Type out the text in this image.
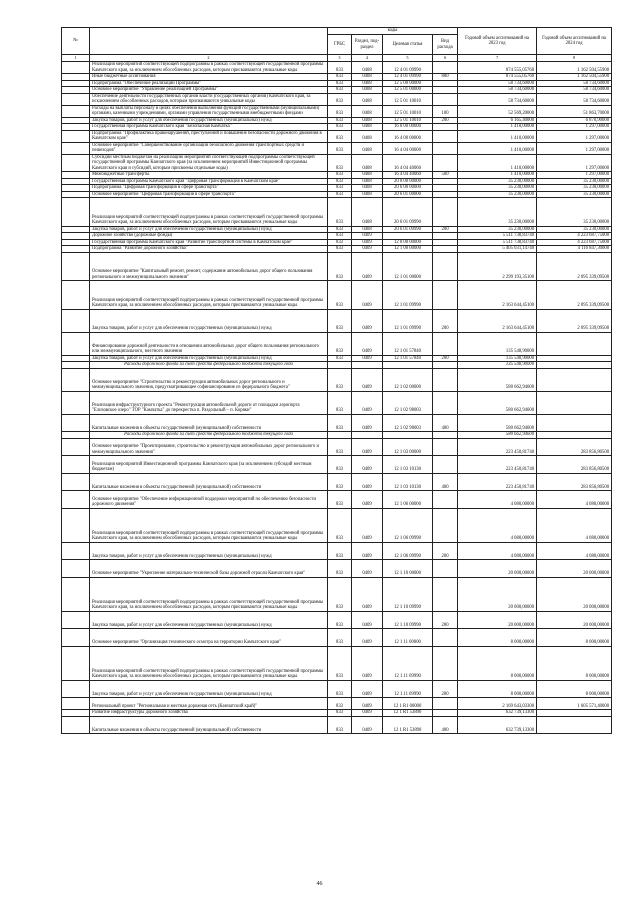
№		коды				Годовой объем ассигнований на 2023 год	Годовой объем ассигнований на 2024 год
		ГРБС	Раздел, под-раздел	Целевая статья	Вид расхода		
1	2	3	4	5	6	7	8
	Реализация мероприятий соответствующей подпрограммы в рамках соответствующей государственной программы Камчатского края, за исключением обособленных расходов, которым присваиваются уникальные коды	833	0408	12 4 01 09990		874 555,05760	1 162 504,55900
	Иные бюджетные ассигнования	833	0408	12 4 01 09990	800	874 555,05760	1 162 504,55900
	Подпрограмма "Обеспечение реализации Программы"	833	0408	12 5 00 00000		58 734,60000	58 734,60000
	Основное мероприятие "Управление реализацией Программы"	833	0408	12 5 01 00000		58 734,60000	58 734,60000
	Обеспечение деятельности государственных органов власти (государственных органов) Камчатского края, за исключением обособленных расходов, которым присваиваются уникальные коды	833	0408	12 5 01 10010		58 734,60000	58 734,60000
	Расходы на выплаты персоналу в целях обеспечения выполнения функций государственными (муниципальными) органами, казенными учреждениями, органами управления государственными внебюджетными фондами	833	0408	12 5 01 10010	100	52 569,20000	51 863,70000
	Закупка товаров, работ и услуг для обеспечения государственных (муниципальных) нужд	833	0408	12 5 01 10010	200	6 165,40000	6 870,90000
	Государственная программа Камчатского края "Безопасная Камчатка"	833	0408	16 0 00 00000		1 410,00000	1 297,00000
	Подпрограмма "Профилактика правонарушений, преступлений и повышение безопасности дорожного движения в Камчатском крае"	833	0408	16 4 00 00000		1 410,00000	1 297,00000
	Основное мероприятие "Совершенствование организации безопасного движения транспортных средств и пешеходов"	833	0408	16 4 04 00000		1 410,00000	1 297,00000
	Субсидии местным бюджетам на реализацию мероприятий соответствующей подпрограммы соответствующей государственной программы Камчатского края (за исключением мероприятий Инвестиционной программы Камчатского края и субсидий, которым присвоены отдельные коды)	833	0408	16 4 04 40060		1 410,00000	1 297,00000
	Межбюджетные трансферты	833	0408	16 4 04 40060	500	1 410,00000	1 297,00000
	Государственная программа Камчатского края "Цифровая трансформация в Камчатском крае"	833	0408	20 0 00 00000		35 230,00000	35 230,00000
	Подпрограмма "Цифровая трансформация в сфере транспорта"	833	0408	20 6 00 00000		35 230,00000	35 230,00000
	Основное мероприятие "Цифровая трансформация в сфере транспорта"	833	0408	20 6 01 00000		35 230,00000	35 230,00000
	Реализация мероприятий соответствующей подпрограммы в рамках соответствующей государственной программы Камчатского края, за исключением обособленных расходов, которым присваиваются уникальные коды	833	0408	20 6 01 09990		35 230,00000	35 230,00000
	Закупка товаров, работ и услуг для обеспечения государственных (муниципальных) нужд	833	0408	20 6 01 09990	200	35 230,00000	35 230,00000
	Дорожное хозяйство (дорожные фонды)	833	0409			5 511 738,83740	4 223 687,75000
	Государственная программа Камчатского края "Развитие транспортной системы в Камчатском крае"	833	0409	12 0 00 00000		5 511 738,83740	4 223 687,75000
	Подпрограмма "Развитие дорожного хозяйства"	833	0409	12 1 00 00000		5 405 031,14740	4 116 847,30000
	Основное мероприятие "Капитальный ремонт, ремонт, содержание автомобильных дорог общего пользования регионального и межмуниципального значения"	833	0409	12 1 01 00000		2 299 193,35100	2 095 339,09500
	Реализация мероприятий соответствующей подпрограммы в рамках соответствующей государственной программы Камчатского края, за исключением обособленных расходов, которым присваиваются уникальные коды	833	0409	12 1 01 09990		2 163 644,45100	2 095 339,09500
	Закупка товаров, работ и услуг для обеспечения государственных (муниципальных) нужд	833	0409	12 1 01 09990	200	2 163 644,45100	2 095 339,09500
	Финансирование дорожной деятельности в отношении автомобильных дорог общего пользования регионального или межмуниципального, местного значения	833	0409	12 1 01 57840		135 548,90000	
	Закупка товаров, работ и услуг для обеспечения государственных (муниципальных) нужд	833	0409	12 1 01 57840	200	135 548,90000	
	Расходы дорожного фонда за счет средств федерального бюджета текущего года					135 548,90000	
	Основное мероприятие "Строительство и реконструкция автомобильных дорог регионального и межмуниципального значения, предусматривающее софинансирование из федерального бюджета"	833	0409	12 1 02 00000		580 662,94600	
	Реализация инфраструктурного проекта "Реконструкция автомобильной дороги от площадки аэропорта "Елизовское озеро" ТОР "Камчатка" до перекрестка п. Раздольный – п. Коряки"	833	0409	12 1 02 98003		580 662,94600	
	Капитальные вложения в объекты государственной (муниципальной) собственности	833	0409	12 1 02 98003	400	580 662,94600	
	Расходы дорожного фонда за счет средств федерального бюджета текущего года					580 662,94600	
	Основное мероприятие "Проектирование, строительство и реконструкция автомобильных дорог регионального и межмуниципального значения"	833	0409	12 1 03 00000		223 450,81740	283 856,80500
	Реализация мероприятий Инвестиционной программы Камчатского края (за исключением субсидий местным бюджетам)	833	0409	12 1 03 10130		223 450,81740	283 856,80500
	Капитальные вложения в объекты государственной (муниципальной) собственности	833	0409	12 1 03 10130	400	223 450,81740	283 856,80500
	Основное мероприятие "Обеспечение информационной поддержки мероприятий по обеспечению безопасности дорожного движения"	833	0409	12 1 06 00000		4 080,00000	4 080,00000
	Реализация мероприятий соответствующей подпрограммы в рамках соответствующей государственной программы Камчатского края, за исключением обособленных расходов, которым присваиваются уникальные коды	833	0409	12 1 06 09990		4 080,00000	4 080,00000
	Закупка товаров, работ и услуг для обеспечения государственных (муниципальных) нужд	833	0409	12 1 06 09990	200	4 080,00000	4 080,00000
	Основное мероприятие "Укрепление материально-технической базы дорожной отрасли Камчатского края"	833	0409	12 1 10 00000		20 000,00000	20 000,00000
	Реализация мероприятий соответствующей подпрограммы в рамках соответствующей государственной программы Камчатского края, за исключением обособленных расходов, которым присваиваются уникальные коды	833	0409	12 1 10 09990		20 000,00000	20 000,00000
	Закупка товаров, работ и услуг для обеспечения государственных (муниципальных) нужд	833	0409	12 1 10 09990	200	20 000,00000	20 000,00000
	Основное мероприятие "Организация технического осмотра на территории Камчатского края"	833	0409	12 1 11 00000		8 000,00000	8 000,00000
	Реализация мероприятий соответствующей подпрограммы в рамках соответствующей государственной программы Камчатского края, за исключением обособленных расходов, которым присваиваются уникальные коды	833	0409	12 1 11 09990		8 000,00000	8 000,00000
	Закупка товаров, работ и услуг для обеспечения государственных (муниципальных) нужд	833	0409	12 1 11 09990	200	8 000,00000	8 000,00000
	Региональный проект "Региональная и местная дорожная сеть (Камчатский край)"	833	0409	12 1 R1 00000		2 169 643,03300	1 605 571,40000
	Развитие инфраструктуры дорожного хозяйства	833	0409	12 1 R1 53890		632 739,13300	
	Капитальные вложения в объекты государственной (муниципальной) собственности	833	0409	12 1 R1 53890	400	632 739,13300	
46
